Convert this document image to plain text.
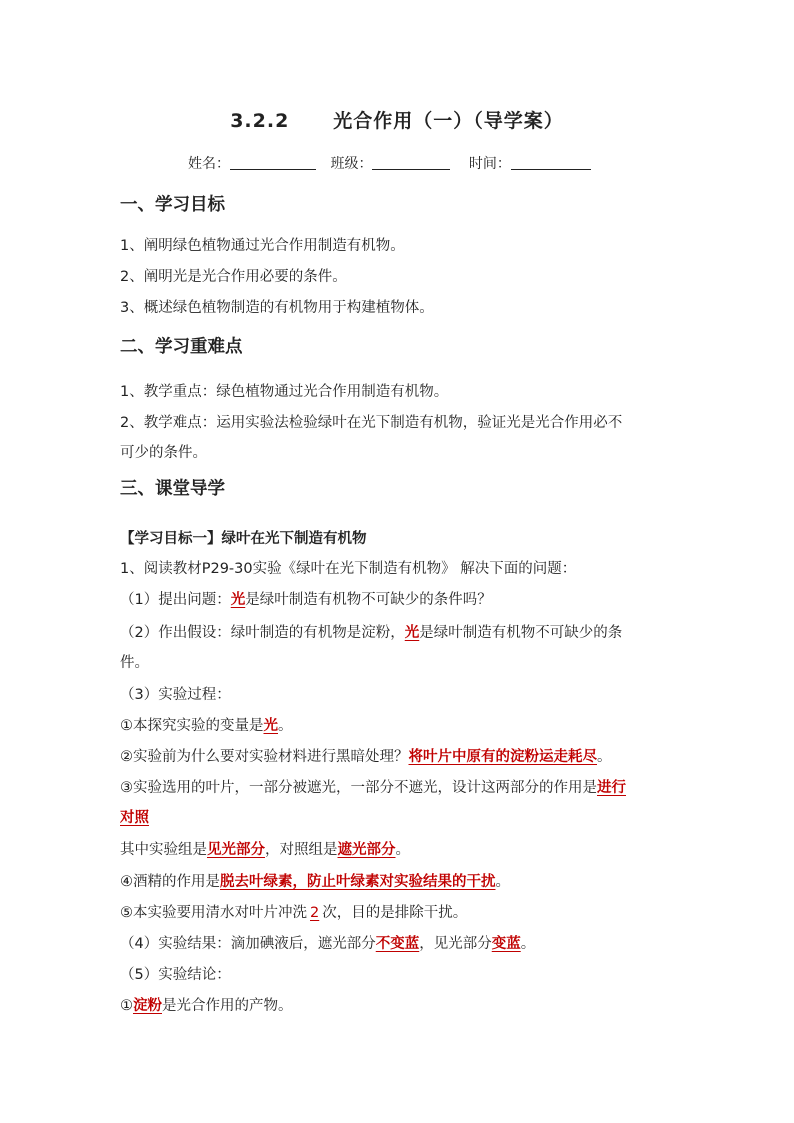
3.2.2 光合作用（一）（导学案）
姓名：	班级：	时间：
一、学习目标
1、阐明绿色植物通过光合作用制造有机物。
2、阐明光是光合作用必要的条件。
3、概述绿色植物制造的有机物用于构建植物体。
二、学习重难点
1、教学重点：绿色植物通过光合作用制造有机物。
2、教学难点：运用实验法检验绿叶在光下制造有机物，验证光是光合作用必不
可少的条件。
三、课堂导学
【学习目标一】绿叶在光下制造有机物
1、阅读教材P29-30实验《绿叶在光下制造有机物》 解决下面的问题：
（1）提出问题：光是绿叶制造有机物不可缺少的条件吗？
（2）作出假设：绿叶制造的有机物是淀粉，光是绿叶制造有机物不可缺少的条
件。
（3）实验过程：
①本探究实验的变量是光。
②实验前为什么要对实验材料进行黑暗处理？将叶片中原有的淀粉运走耗尽。
③实验选用的叶片，一部分被遮光，一部分不遮光，设计这两部分的作用是进行
对照
其中实验组是见光部分，对照组是遮光部分。
④酒精的作用是脱去叶绿素，防止叶绿素对实验结果的干扰。
⑤本实验要用清水对叶片冲洗 2 次，目的是排除干扰。
（4）实验结果：滴加碘液后，遮光部分不变蓝，见光部分变蓝。
（5）实验结论：
①淀粉是光合作用的产物。
